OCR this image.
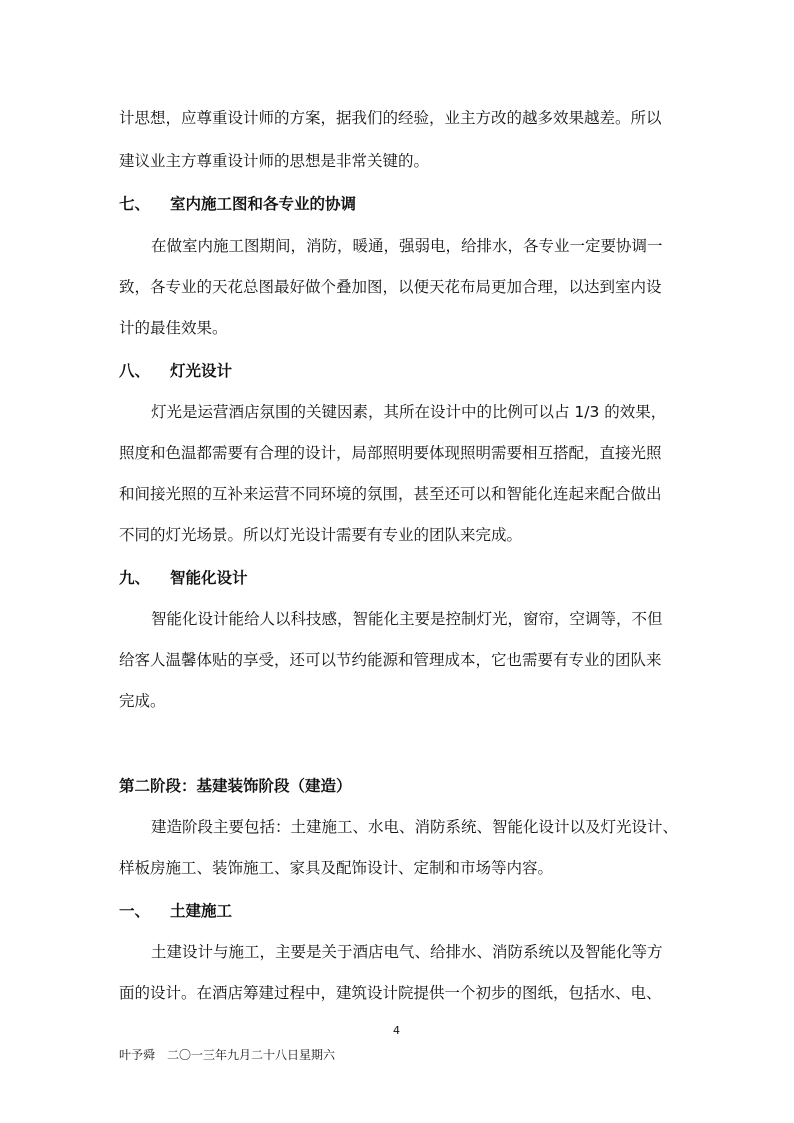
计思想，应尊重设计师的方案，据我们的经验，业主方改的越多效果越差。所以

建议业主方尊重设计师的思想是非常关键的。

七、 室内施工图和各专业的协调

在做室内施工图期间，消防，暖通，强弱电，给排水，各专业一定要协调一

致，各专业的天花总图最好做个叠加图，以便天花布局更加合理，以达到室内设

计的最佳效果。

八、 灯光设计

灯光是运营酒店氛围的关键因素，其所在设计中的比例可以占 1/3 的效果，

照度和色温都需要有合理的设计，局部照明要体现照明需要相互搭配，直接光照

和间接光照的互补来运营不同环境的氛围，甚至还可以和智能化连起来配合做出

不同的灯光场景。所以灯光设计需要有专业的团队来完成。

九、 智能化设计

智能化设计能给人以科技感，智能化主要是控制灯光，窗帘，空调等，不但

给客人温馨体贴的享受，还可以节约能源和管理成本，它也需要有专业的团队来

完成。

第二阶段：基建装饰阶段（建造）

建造阶段主要包括：土建施工、水电、消防系统、智能化设计以及灯光设计、

样板房施工、装饰施工、家具及配饰设计、定制和市场等内容。

一、 土建施工

土建设计与施工，主要是关于酒店电气、给排水、消防系统以及智能化等方

面的设计。在酒店筹建过程中，建筑设计院提供一个初步的图纸，包括水、电、

4
叶予舜　二〇一三年九月二十八日星期六
